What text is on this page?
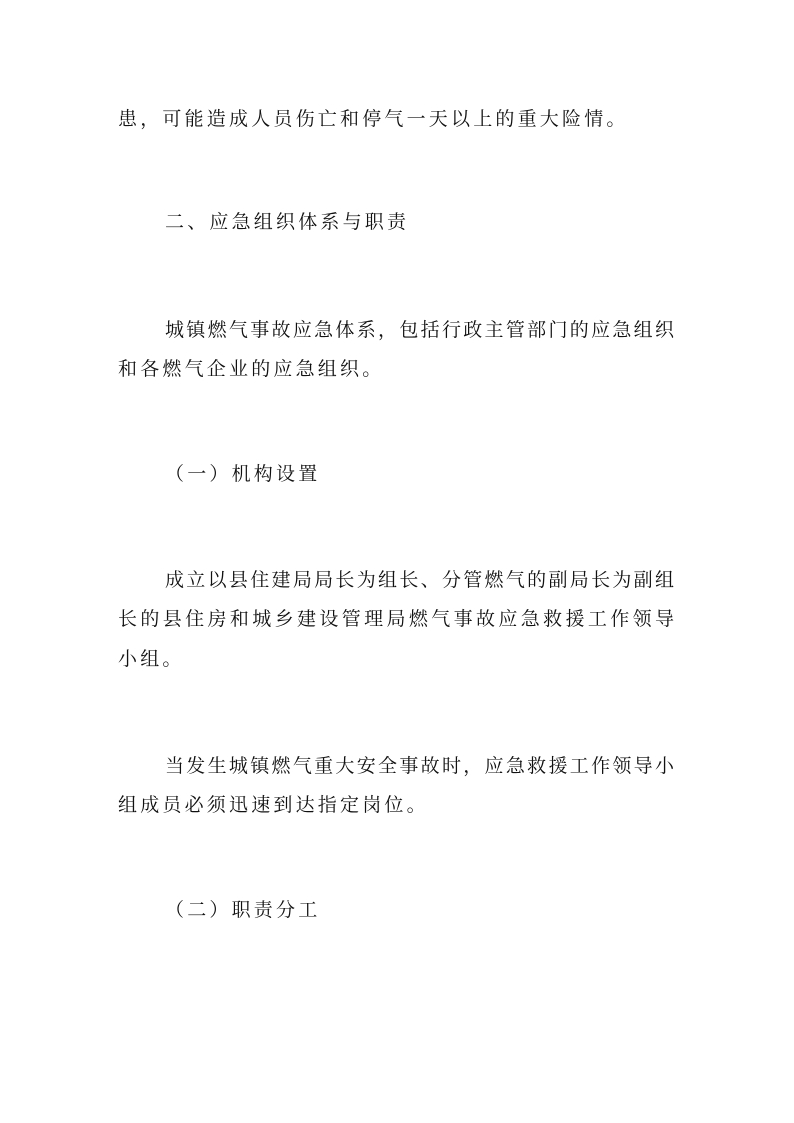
患，可能造成人员伤亡和停气一天以上的重大险情。
二、应急组织体系与职责
城镇燃气事故应急体系，包括行政主管部门的应急组织
和各燃气企业的应急组织。
（一）机构设置
成立以县住建局局长为组长、分管燃气的副局长为副组
长的县住房和城乡建设管理局燃气事故应急救援工作领导
小组。
当发生城镇燃气重大安全事故时，应急救援工作领导小
组成员必须迅速到达指定岗位。
（二）职责分工
